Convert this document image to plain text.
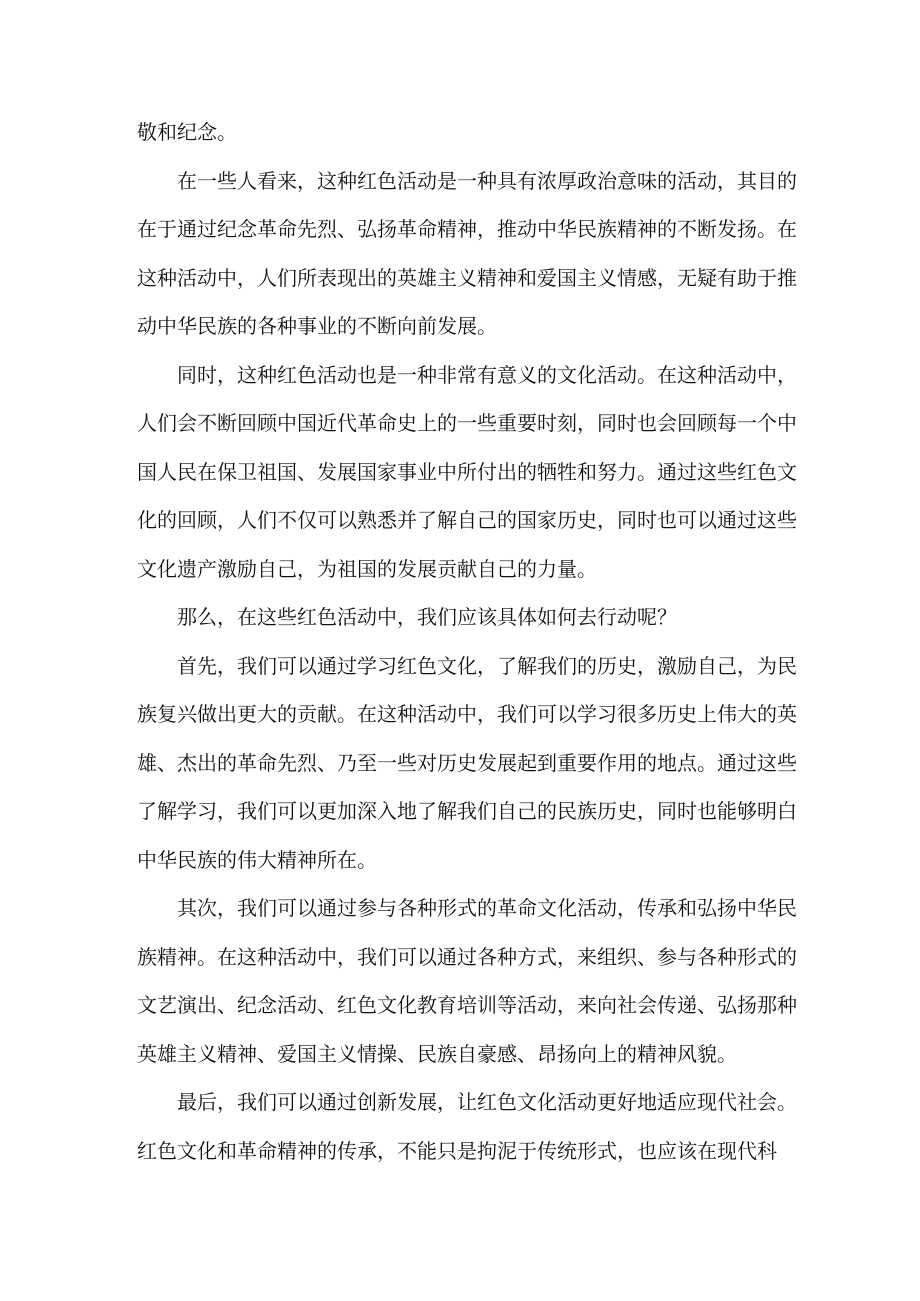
敬和纪念。

在一些人看来，这种红色活动是一种具有浓厚政治意味的活动，其目的在于通过纪念革命先烈、弘扬革命精神，推动中华民族精神的不断发扬。在这种活动中，人们所表现出的英雄主义精神和爱国主义情感，无疑有助于推动中华民族的各种事业的不断向前发展。

同时，这种红色活动也是一种非常有意义的文化活动。在这种活动中，人们会不断回顾中国近代革命史上的一些重要时刻，同时也会回顾每一个中国人民在保卫祖国、发展国家事业中所付出的牺牲和努力。通过这些红色文化的回顾，人们不仅可以熟悉并了解自己的国家历史，同时也可以通过这些文化遗产激励自己，为祖国的发展贡献自己的力量。

那么，在这些红色活动中，我们应该具体如何去行动呢？

首先，我们可以通过学习红色文化，了解我们的历史，激励自己，为民族复兴做出更大的贡献。在这种活动中，我们可以学习很多历史上伟大的英雄、杰出的革命先烈、乃至一些对历史发展起到重要作用的地点。通过这些了解学习，我们可以更加深入地了解我们自己的民族历史，同时也能够明白中华民族的伟大精神所在。

其次，我们可以通过参与各种形式的革命文化活动，传承和弘扬中华民族精神。在这种活动中，我们可以通过各种方式，来组织、参与各种形式的文艺演出、纪念活动、红色文化教育培训等活动，来向社会传递、弘扬那种英雄主义精神、爱国主义情操、民族自豪感、昂扬向上的精神风貌。

最后，我们可以通过创新发展，让红色文化活动更好地适应现代社会。红色文化和革命精神的传承，不能只是拘泥于传统形式，也应该在现代科
